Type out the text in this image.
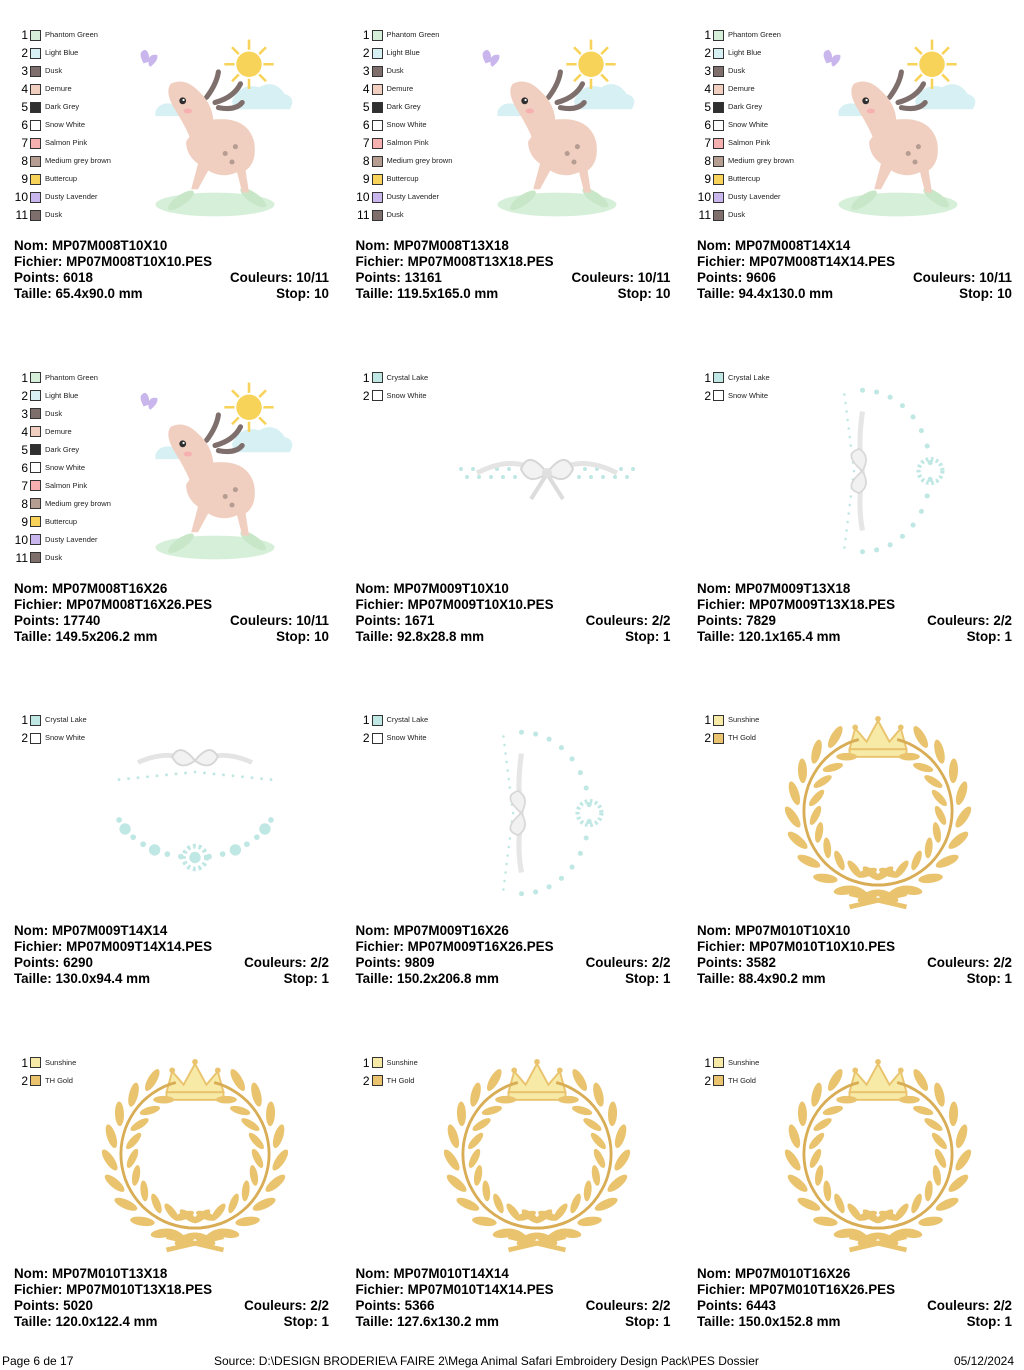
1 Phantom Green
2 Light Blue
3 Dusk
4 Demure
5 Dark Grey
6 Snow White
7 Salmon Pink
8 Medium grey brown
9 Buttercup
10 Dusty Lavender
11 Dusk
Nom: MP07M008T10X10
Fichier: MP07M008T10X10.PES
Points: 6018	Couleurs: 10/11
Taille: 65.4x90.0 mm	Stop: 10
1 Phantom Green
2 Light Blue
3 Dusk
4 Demure
5 Dark Grey
6 Snow White
7 Salmon Pink
8 Medium grey brown
9 Buttercup
10 Dusty Lavender
11 Dusk
Nom: MP07M008T13X18
Fichier: MP07M008T13X18.PES
Points: 13161	Couleurs: 10/11
Taille: 119.5x165.0 mm	Stop: 10
1 Phantom Green
2 Light Blue
3 Dusk
4 Demure
5 Dark Grey
6 Snow White
7 Salmon Pink
8 Medium grey brown
9 Buttercup
10 Dusty Lavender
11 Dusk
Nom: MP07M008T14X14
Fichier: MP07M008T14X14.PES
Points: 9606	Couleurs: 10/11
Taille: 94.4x130.0 mm	Stop: 10
1 Phantom Green
2 Light Blue
3 Dusk
4 Demure
5 Dark Grey
6 Snow White
7 Salmon Pink
8 Medium grey brown
9 Buttercup
10 Dusty Lavender
11 Dusk
Nom: MP07M008T16X26
Fichier: MP07M008T16X26.PES
Points: 17740	Couleurs: 10/11
Taille: 149.5x206.2 mm	Stop: 10
1 Crystal Lake
2 Snow White
Nom: MP07M009T10X10
Fichier: MP07M009T10X10.PES
Points: 1671	Couleurs: 2/2
Taille: 92.8x28.8 mm	Stop: 1
1 Crystal Lake
2 Snow White
Nom: MP07M009T13X18
Fichier: MP07M009T13X18.PES
Points: 7829	Couleurs: 2/2
Taille: 120.1x165.4 mm	Stop: 1
1 Crystal Lake
2 Snow White
Nom: MP07M009T14X14
Fichier: MP07M009T14X14.PES
Points: 6290	Couleurs: 2/2
Taille: 130.0x94.4 mm	Stop: 1
1 Crystal Lake
2 Snow White
Nom: MP07M009T16X26
Fichier: MP07M009T16X26.PES
Points: 9809	Couleurs: 2/2
Taille: 150.2x206.8 mm	Stop: 1
1 Sunshine
2 TH Gold
Nom: MP07M010T10X10
Fichier: MP07M010T10X10.PES
Points: 3582	Couleurs: 2/2
Taille: 88.4x90.2 mm	Stop: 1
1 Sunshine
2 TH Gold
Nom: MP07M010T13X18
Fichier: MP07M010T13X18.PES
Points: 5020	Couleurs: 2/2
Taille: 120.0x122.4 mm	Stop: 1
1 Sunshine
2 TH Gold
Nom: MP07M010T14X14
Fichier: MP07M010T14X14.PES
Points: 5366	Couleurs: 2/2
Taille: 127.6x130.2 mm	Stop: 1
1 Sunshine
2 TH Gold
Nom: MP07M010T16X26
Fichier: MP07M010T16X26.PES
Points: 6443	Couleurs: 2/2
Taille: 150.0x152.8 mm	Stop: 1
Page 6 de 17	Source: D:\DESIGN BRODERIE\A FAIRE 2\Mega Animal Safari Embroidery Design Pack\PES Dossier	05/12/2024
